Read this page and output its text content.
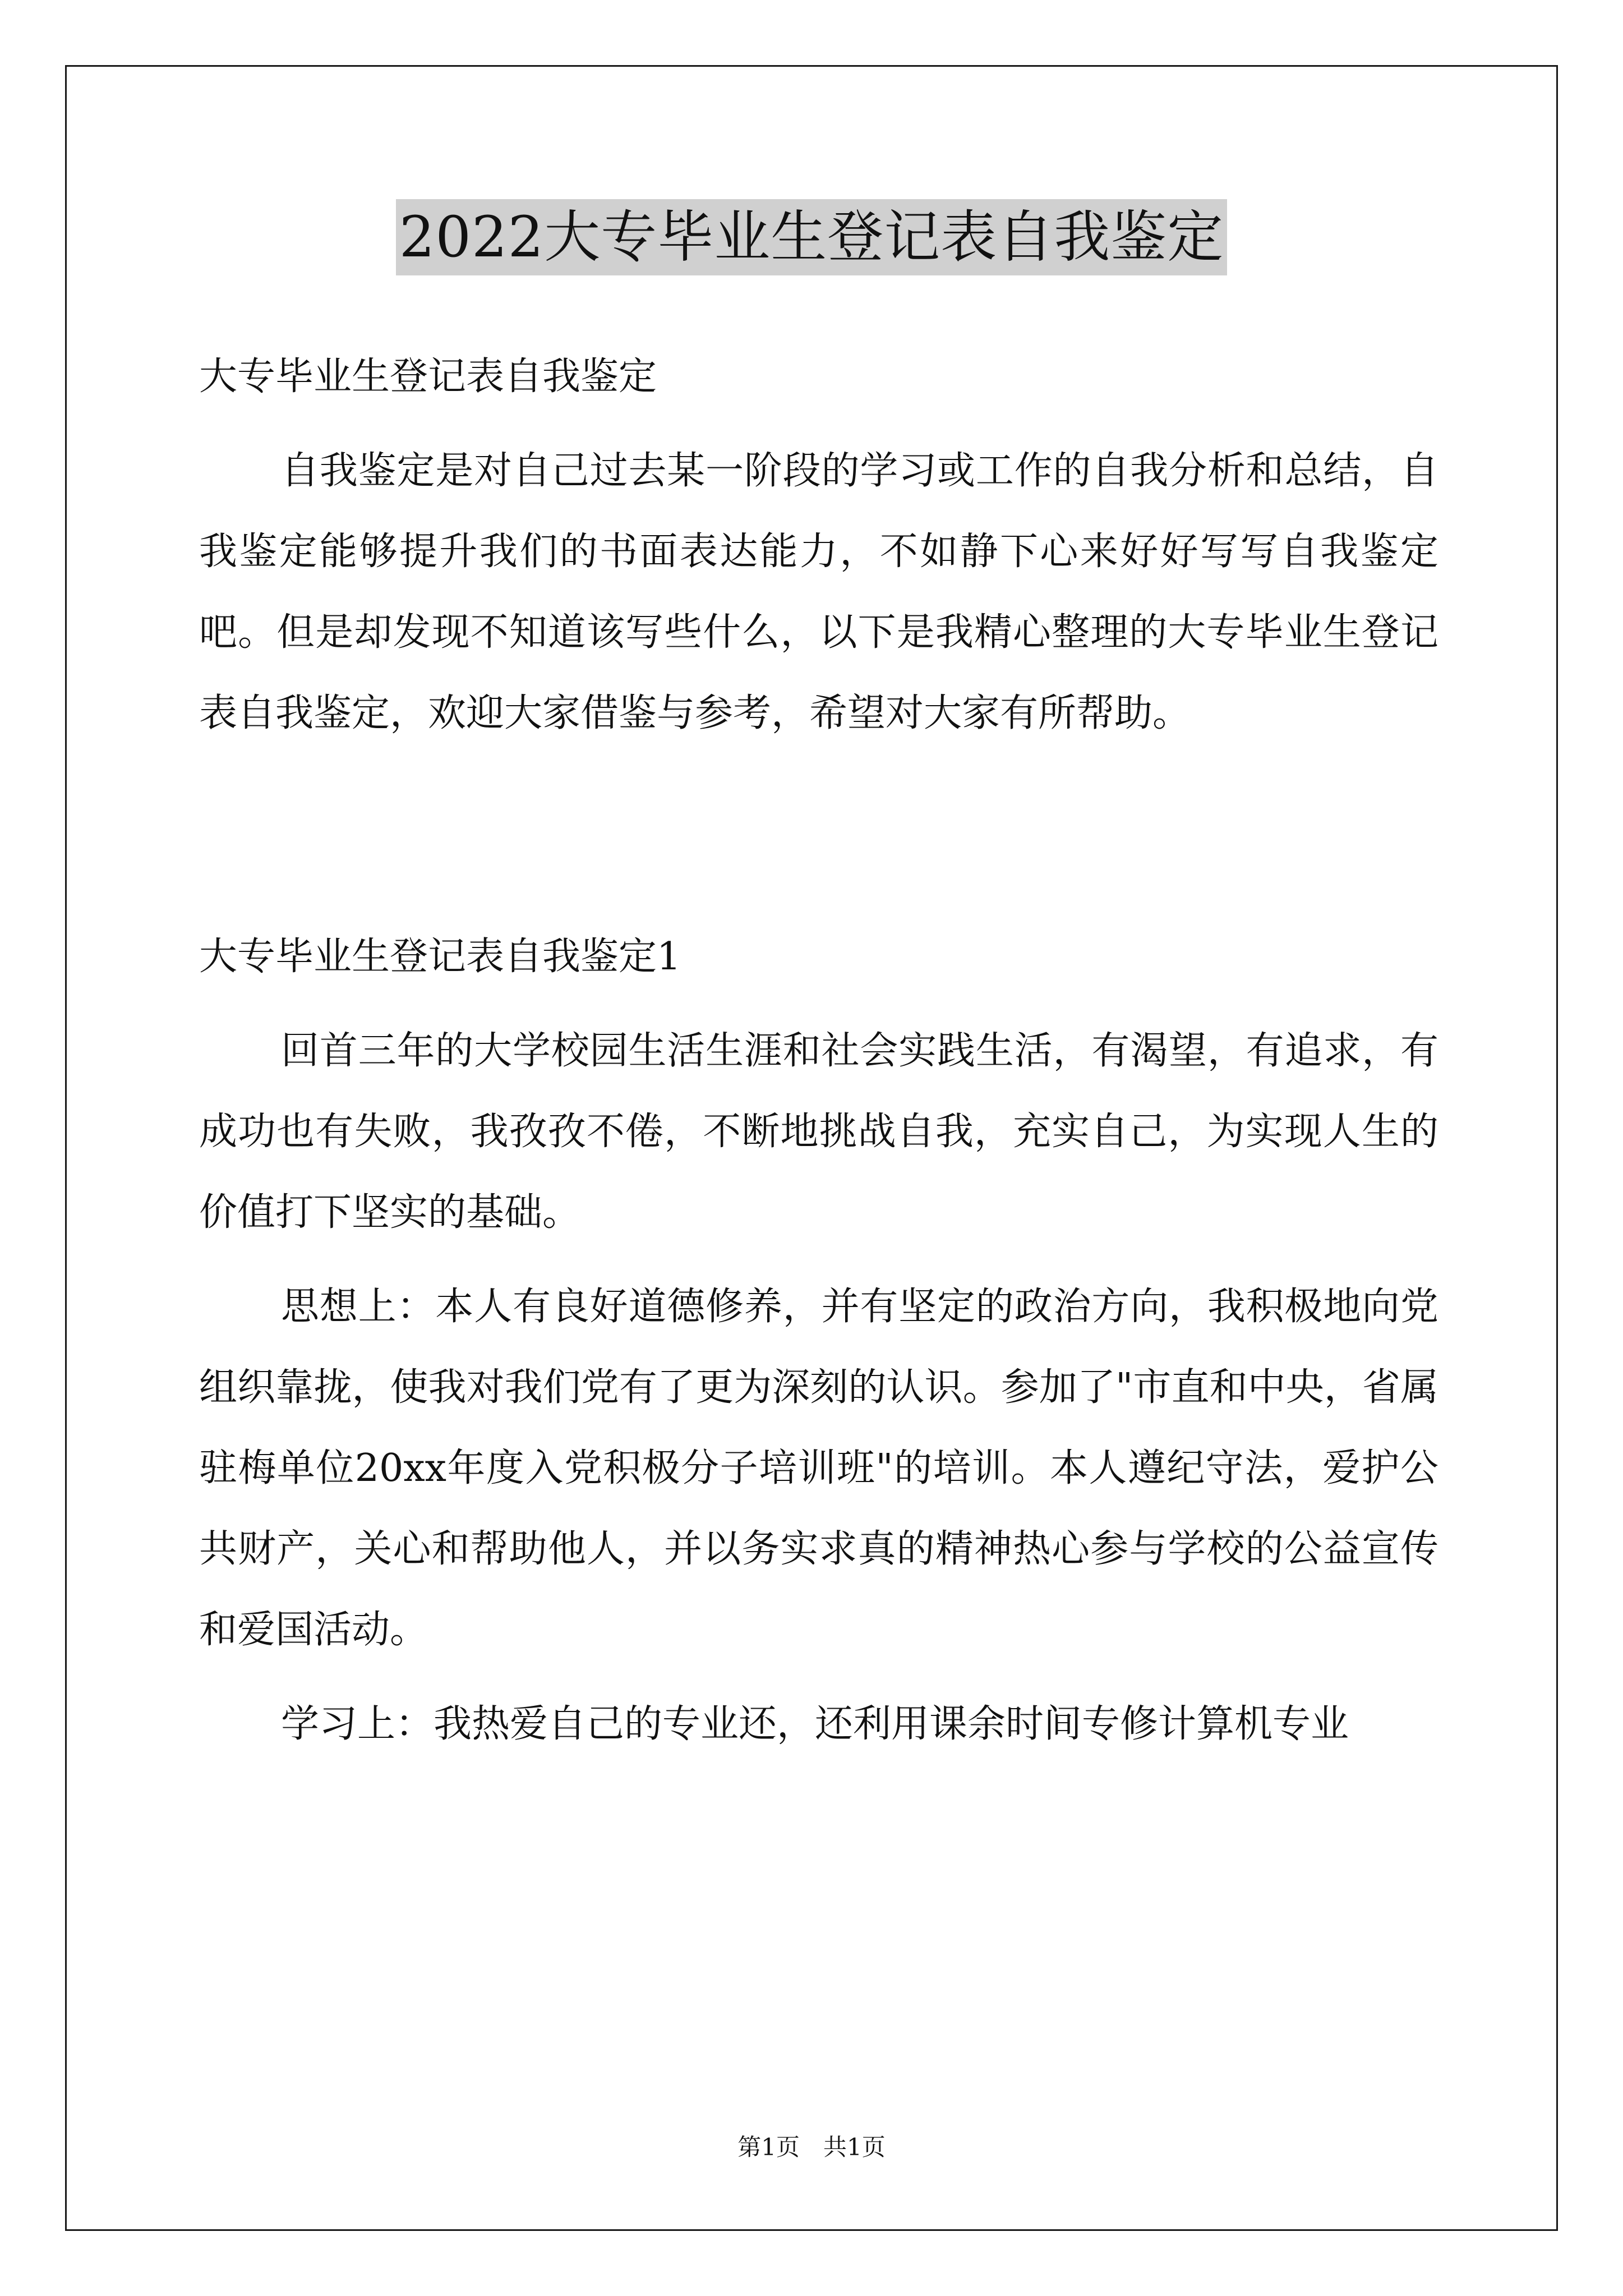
2022大专毕业生登记表自我鉴定

大专毕业生登记表自我鉴定

自我鉴定是对自己过去某一阶段的学习或工作的自我分析和总结，自我鉴定能够提升我们的书面表达能力，不如静下心来好好写写自我鉴定吧。但是却发现不知道该写些什么，以下是我精心整理的大专毕业生登记表自我鉴定，欢迎大家借鉴与参考，希望对大家有所帮助。

大专毕业生登记表自我鉴定1

回首三年的大学校园生活生涯和社会实践生活，有渴望，有追求，有成功也有失败，我孜孜不倦，不断地挑战自我，充实自己，为实现人生的价值打下坚实的基础。

思想上：本人有良好道德修养，并有坚定的政治方向，我积极地向党组织靠拢，使我对我们党有了更为深刻的认识。参加了"市直和中央，省属驻梅单位20xx年度入党积极分子培训班"的培训。本人遵纪守法，爱护公共财产，关心和帮助他人，并以务实求真的精神热心参与学校的公益宣传和爱国活动。

学习上：我热爱自己的专业还，还利用课余时间专修计算机专业

第1页　共1页
